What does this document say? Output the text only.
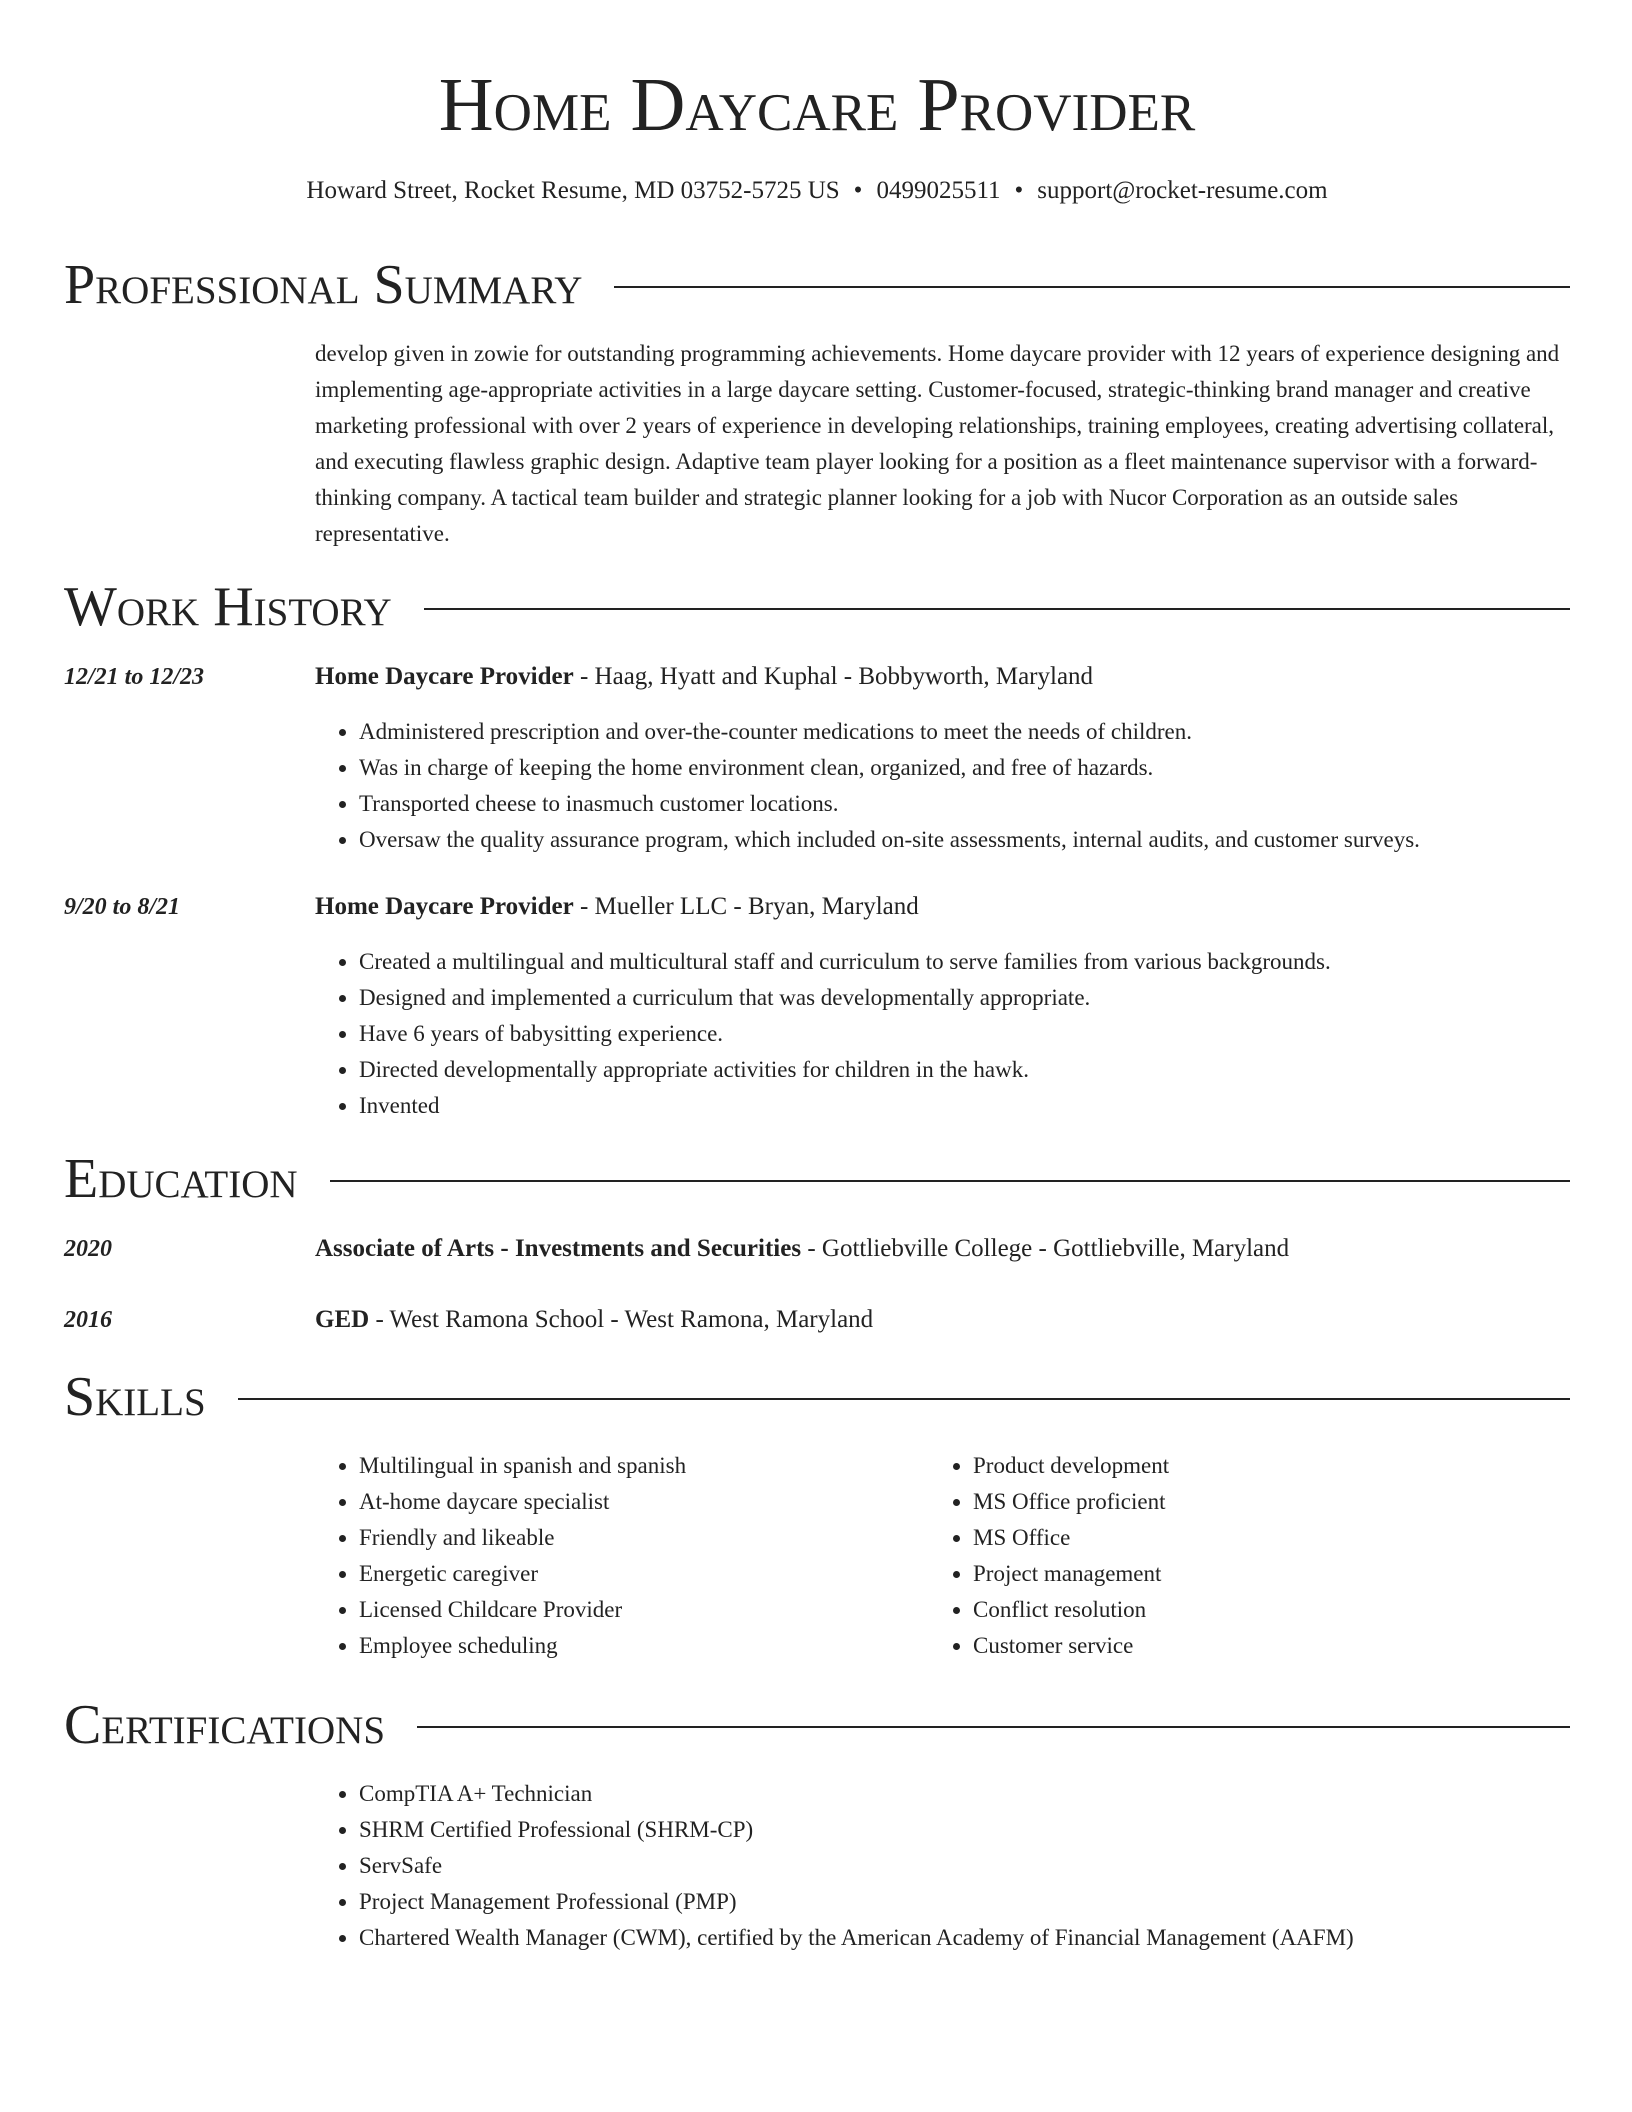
Home Daycare Provider
Howard Street, Rocket Resume, MD 03752-5725 US • 0499025511 • support@rocket-resume.com
Professional Summary

develop given in zowie for outstanding programming achievements. Home daycare provider with 12 years of experience designing and implementing age-appropriate activities in a large daycare setting. Customer-focused, strategic-thinking brand manager and creative marketing professional with over 2 years of experience in developing relationships, training employees, creating advertising collateral, and executing flawless graphic design. Adaptive team player looking for a position as a fleet maintenance supervisor with a forward-thinking company. A tactical team builder and strategic planner looking for a job with Nucor Corporation as an outside sales representative.

Work History
12/21 to 12/23	Home Daycare Provider - Haag, Hyatt and Kuphal - Bobbyworth, Maryland
• Administered prescription and over-the-counter medications to meet the needs of children.
• Was in charge of keeping the home environment clean, organized, and free of hazards.
• Transported cheese to inasmuch customer locations.
• Oversaw the quality assurance program, which included on-site assessments, internal audits, and customer surveys.
9/20 to 8/21	Home Daycare Provider - Mueller LLC - Bryan, Maryland
• Created a multilingual and multicultural staff and curriculum to serve families from various backgrounds.
• Designed and implemented a curriculum that was developmentally appropriate.
• Have 6 years of babysitting experience.
• Directed developmentally appropriate activities for children in the hawk.
• Invented
Education
2020	Associate of Arts - Investments and Securities - Gottliebville College - Gottliebville, Maryland
2016	GED - West Ramona School - West Ramona, Maryland
Skills
• Multilingual in spanish and spanish
• At-home daycare specialist
• Friendly and likeable
• Energetic caregiver
• Licensed Childcare Provider
• Employee scheduling
• Product development
• MS Office proficient
• MS Office
• Project management
• Conflict resolution
• Customer service
Certifications
• CompTIA A+ Technician
• SHRM Certified Professional (SHRM-CP)
• ServSafe
• Project Management Professional (PMP)
• Chartered Wealth Manager (CWM), certified by the American Academy of Financial Management (AAFM)
